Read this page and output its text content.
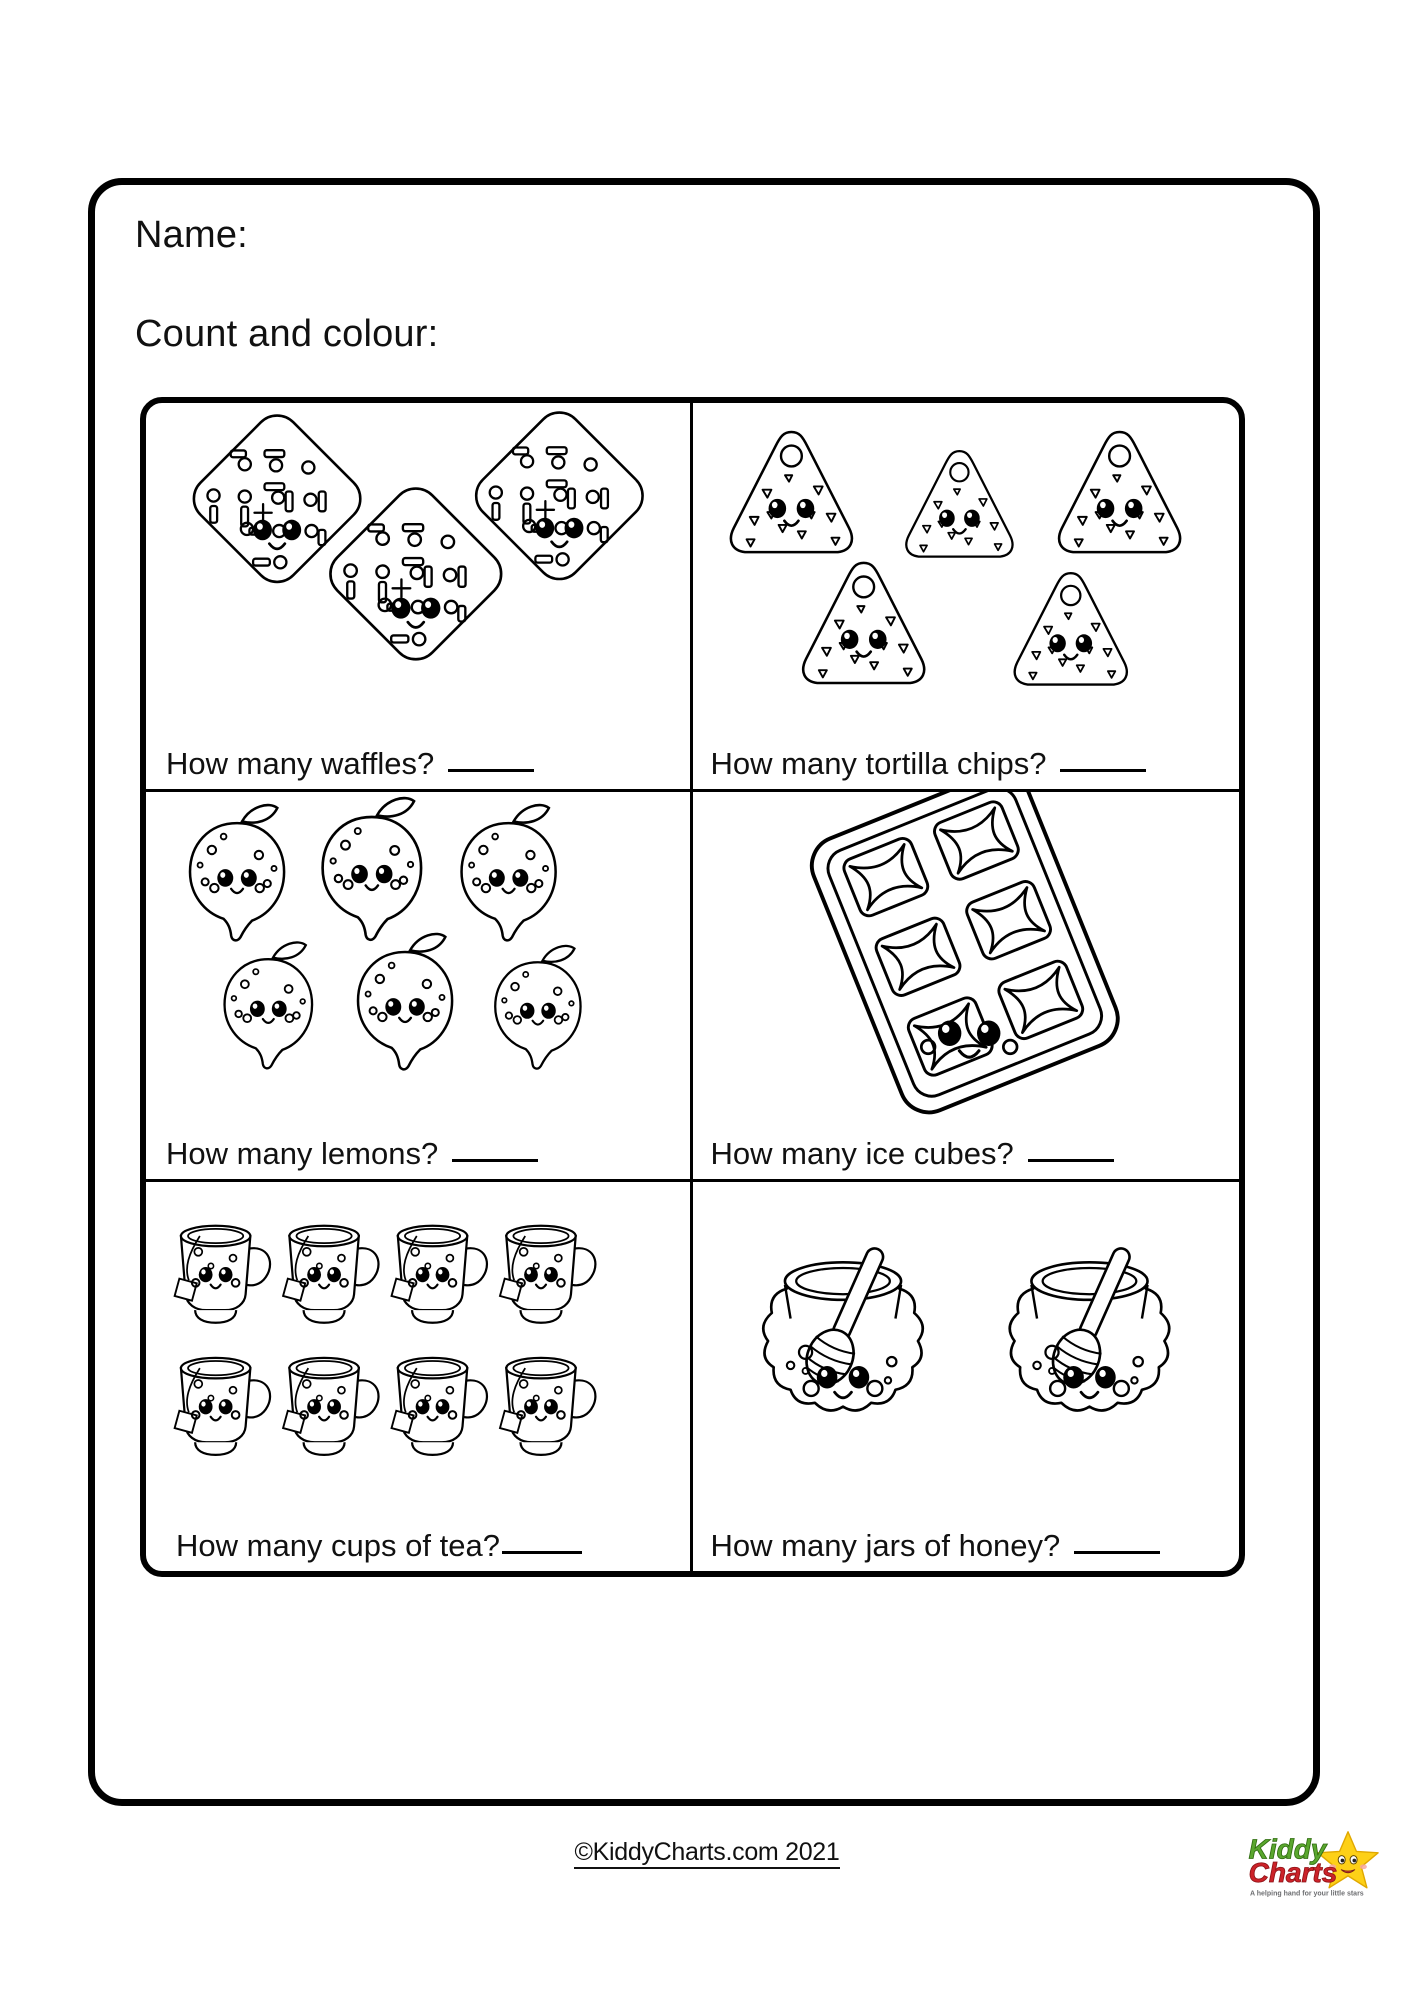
Name:
Count and colour:
How many waffles?	How many tortilla chips?
How many lemons?	How many ice cubes?
How many cups of tea?	How many jars of honey?
©KiddyCharts.com 2021	Kiddy
Charts
A helping hand for your little stars
